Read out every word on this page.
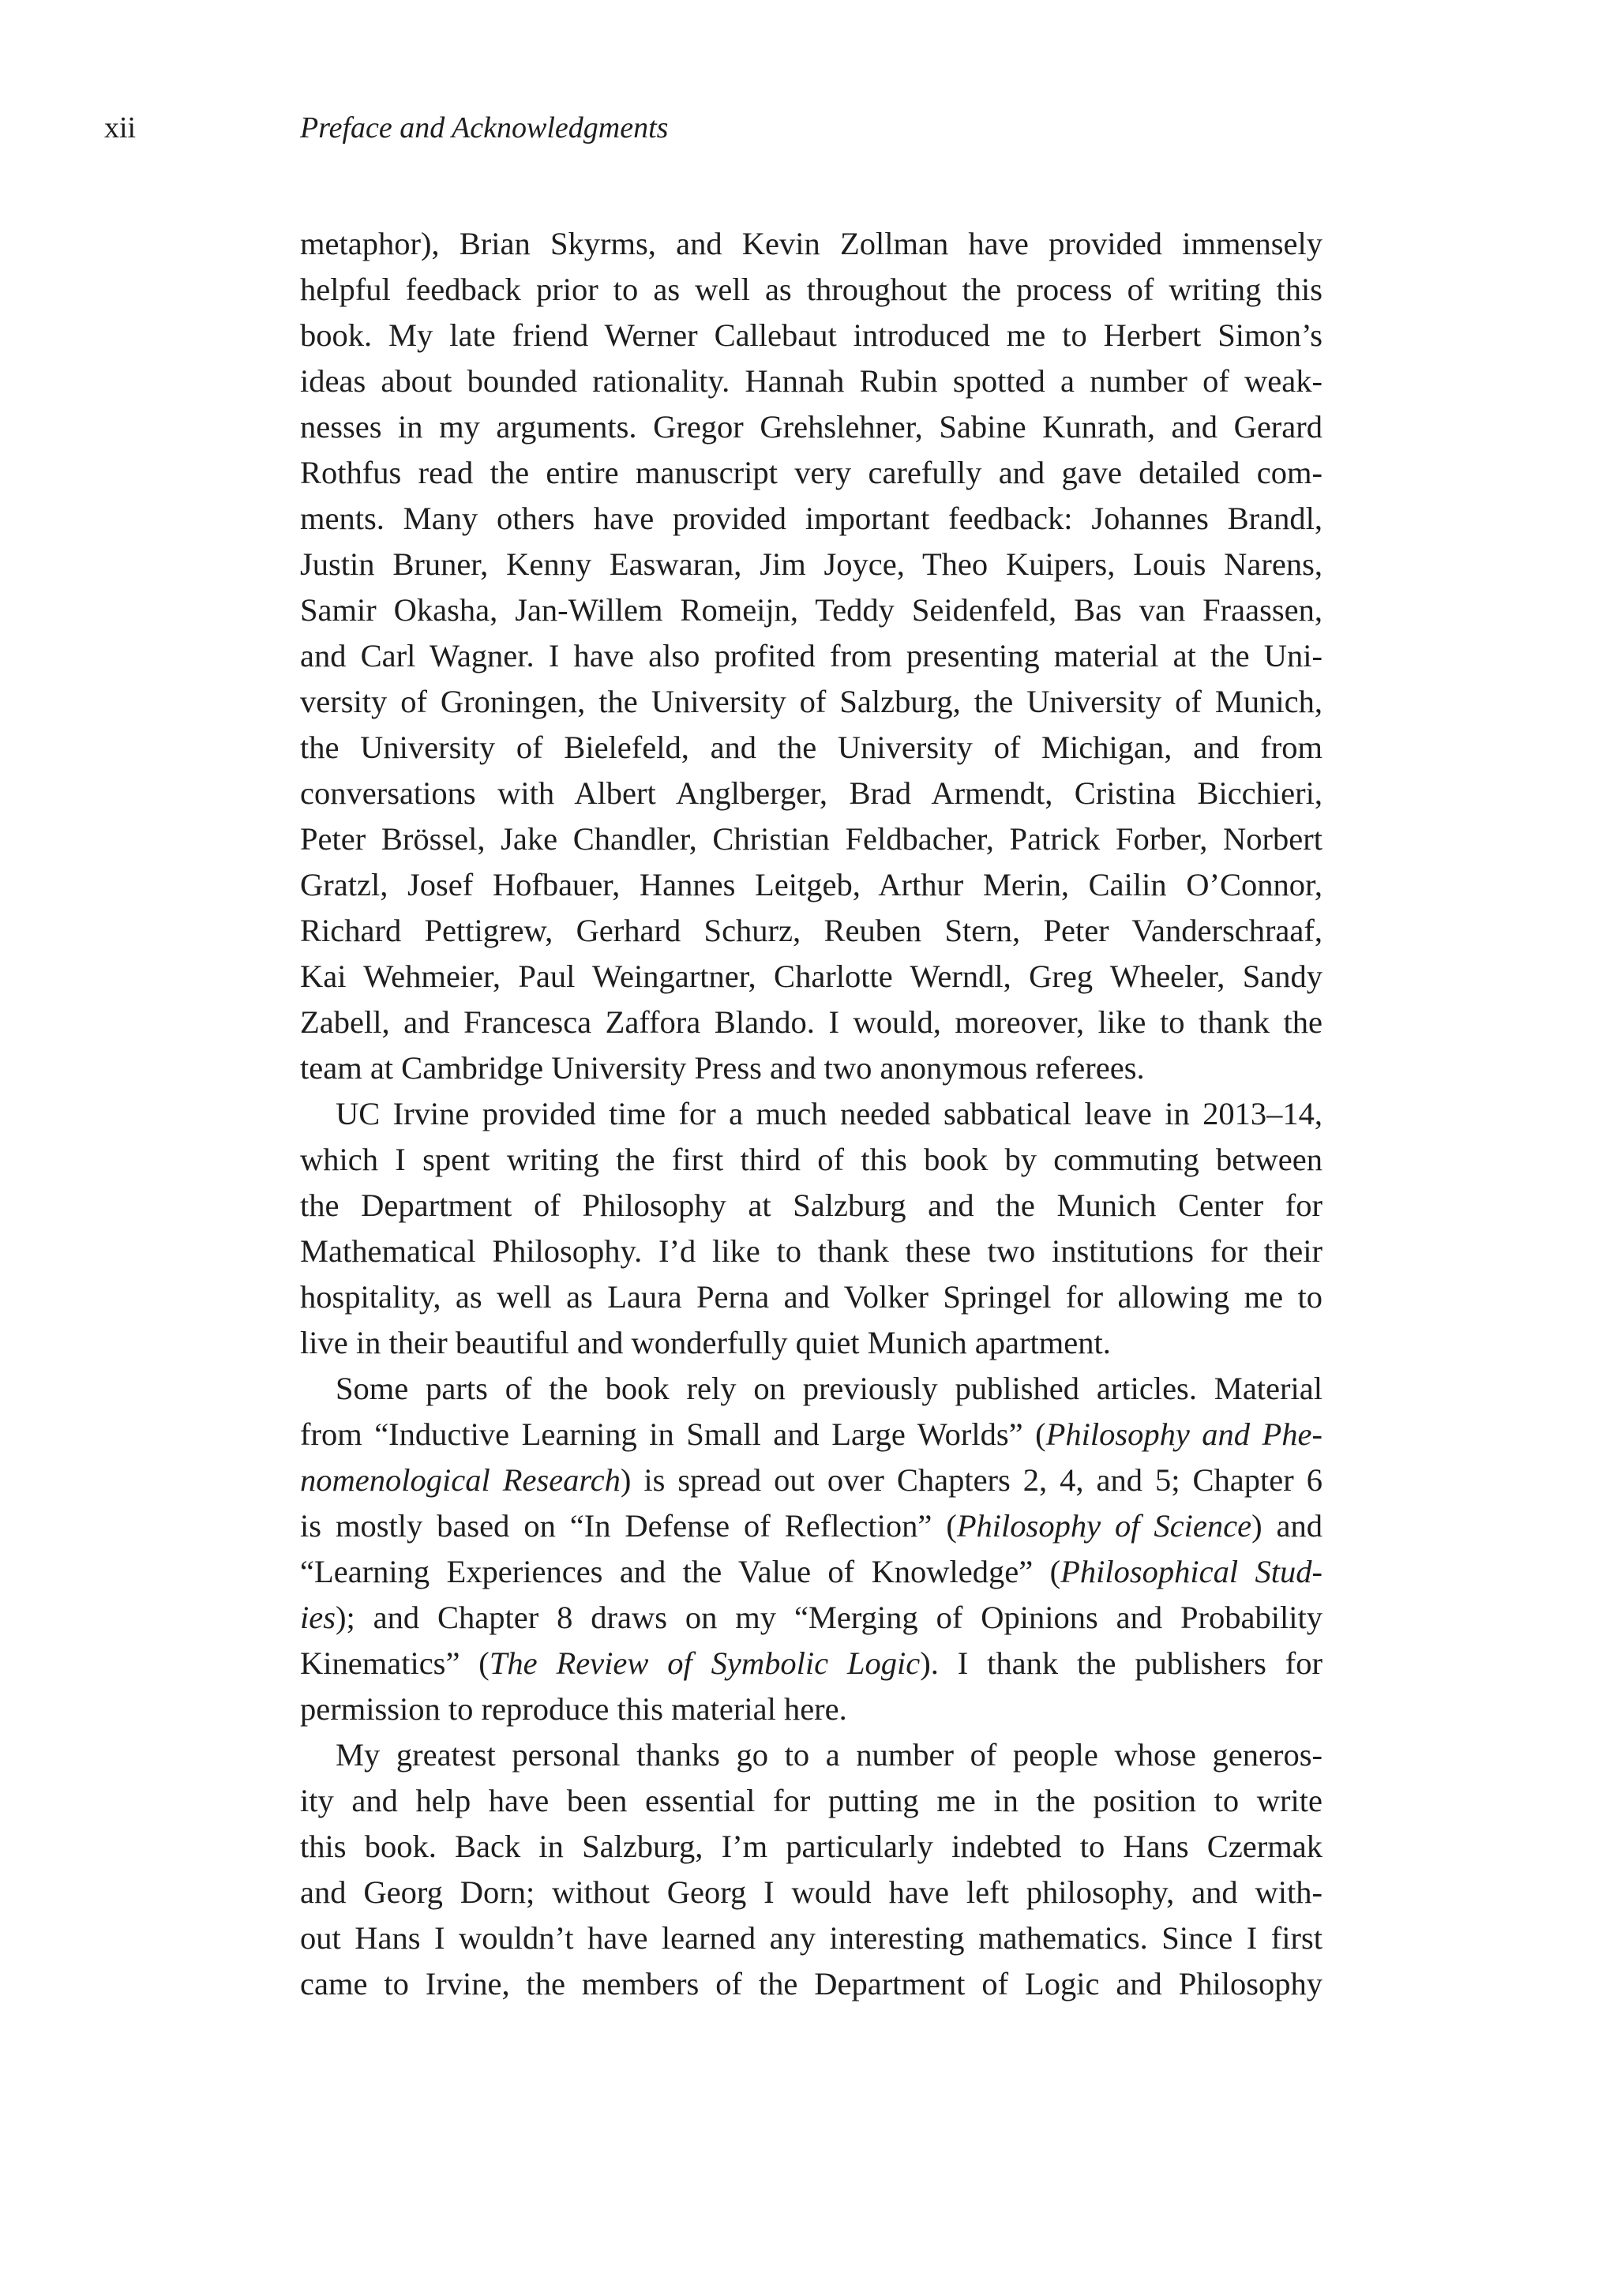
xii	Preface and Acknowledgments

metaphor), Brian Skyrms, and Kevin Zollman have provided immensely
helpful feedback prior to as well as throughout the process of writing this
book. My late friend Werner Callebaut introduced me to Herbert Simon’s
ideas about bounded rationality. Hannah Rubin spotted a number of weak-
nesses in my arguments. Gregor Grehslehner, Sabine Kunrath, and Gerard
Rothfus read the entire manuscript very carefully and gave detailed com-
ments. Many others have provided important feedback: Johannes Brandl,
Justin Bruner, Kenny Easwaran, Jim Joyce, Theo Kuipers, Louis Narens,
Samir Okasha, Jan-Willem Romeijn, Teddy Seidenfeld, Bas van Fraassen,
and Carl Wagner. I have also profited from presenting material at the Uni-
versity of Groningen, the University of Salzburg, the University of Munich,
the University of Bielefeld, and the University of Michigan, and from
conversations with Albert Anglberger, Brad Armendt, Cristina Bicchieri,
Peter Brössel, Jake Chandler, Christian Feldbacher, Patrick Forber, Norbert
Gratzl, Josef Hofbauer, Hannes Leitgeb, Arthur Merin, Cailin O’Connor,
Richard Pettigrew, Gerhard Schurz, Reuben Stern, Peter Vanderschraaf,
Kai Wehmeier, Paul Weingartner, Charlotte Werndl, Greg Wheeler, Sandy
Zabell, and Francesca Zaffora Blando. I would, moreover, like to thank the
team at Cambridge University Press and two anonymous referees.

UC Irvine provided time for a much needed sabbatical leave in 2013–14,
which I spent writing the first third of this book by commuting between
the Department of Philosophy at Salzburg and the Munich Center for
Mathematical Philosophy. I’d like to thank these two institutions for their
hospitality, as well as Laura Perna and Volker Springel for allowing me to
live in their beautiful and wonderfully quiet Munich apartment.

Some parts of the book rely on previously published articles. Material
from “Inductive Learning in Small and Large Worlds” (Philosophy and Phe-
nomenological Research) is spread out over Chapters 2, 4, and 5; Chapter 6
is mostly based on “In Defense of Reflection” (Philosophy of Science) and
“Learning Experiences and the Value of Knowledge” (Philosophical Stud-
ies); and Chapter 8 draws on my “Merging of Opinions and Probability
Kinematics” (The Review of Symbolic Logic). I thank the publishers for
permission to reproduce this material here.

My greatest personal thanks go to a number of people whose generos-
ity and help have been essential for putting me in the position to write
this book. Back in Salzburg, I’m particularly indebted to Hans Czermak
and Georg Dorn; without Georg I would have left philosophy, and with-
out Hans I wouldn’t have learned any interesting mathematics. Since I first
came to Irvine, the members of the Department of Logic and Philosophy
